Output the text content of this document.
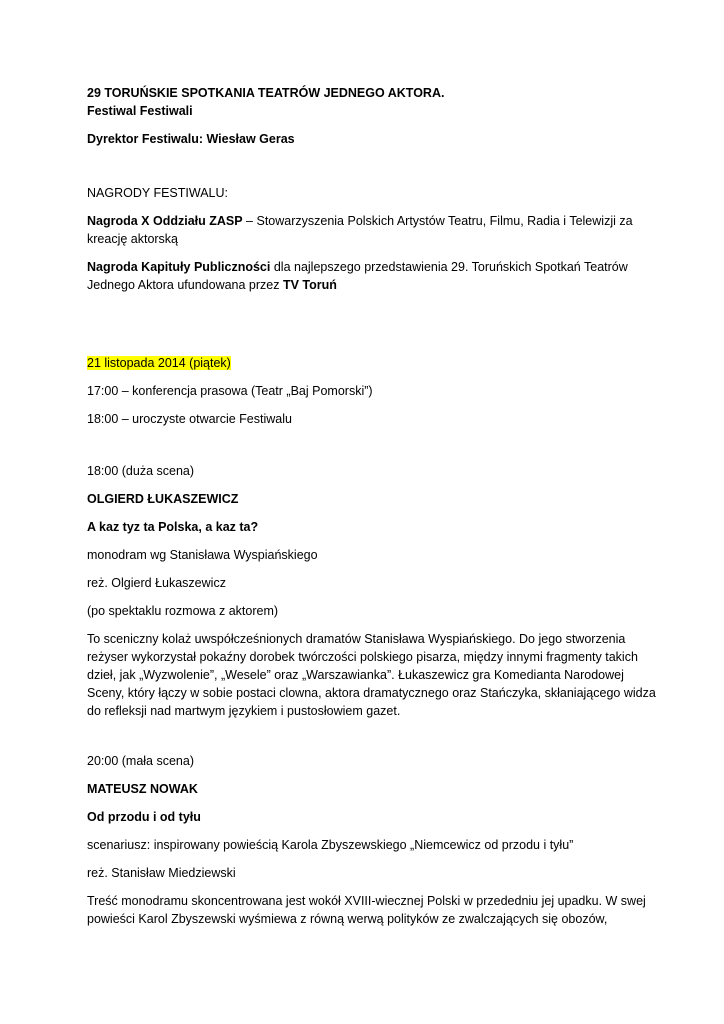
29 TORUŃSKIE SPOTKANIA TEATRÓW JEDNEGO AKTORA.

Festiwal Festiwali

Dyrektor Festiwalu: Wiesław Geras

NAGRODY FESTIWALU:

Nagroda X Oddziału ZASP – Stowarzyszenia Polskich Artystów Teatru, Filmu, Radia i Telewizji za

kreację aktorską

Nagroda Kapituły Publiczności dla najlepszego przedstawienia 29. Toruńskich Spotkań Teatrów

Jednego Aktora ufundowana przez TV Toruń

21 listopada 2014 (piątek)

17:00 – konferencja prasowa (Teatr „Baj Pomorski”)

18:00 – uroczyste otwarcie Festiwalu

18:00 (duża scena)

OLGIERD ŁUKASZEWICZ

A kaz tyz ta Polska, a kaz ta?

monodram wg Stanisława Wyspiańskiego

reż. Olgierd Łukaszewicz

(po spektaklu rozmowa z aktorem)

To sceniczny kolaż uwspółcześnionych dramatów Stanisława Wyspiańskiego. Do jego stworzenia

reżyser wykorzystał pokaźny dorobek twórczości polskiego pisarza, między innymi fragmenty takich

dzieł, jak „Wyzwolenie”, „Wesele” oraz „Warszawianka”. Łukaszewicz gra Komedianta Narodowej

Sceny, który łączy w sobie postaci clowna, aktora dramatycznego oraz Stańczyka, skłaniającego widza

do refleksji nad martwym językiem i pustosłowiem gazet.

20:00 (mała scena)

MATEUSZ NOWAK

Od przodu i od tyłu

scenariusz: inspirowany powieścią Karola Zbyszewskiego „Niemcewicz od przodu i tyłu”

reż. Stanisław Miedziewski

Treść monodramu skoncentrowana jest wokół XVIII-wiecznej Polski w przededniu jej upadku. W swej

powieści Karol Zbyszewski wyśmiewa z równą werwą polityków ze zwalczających się obozów,
